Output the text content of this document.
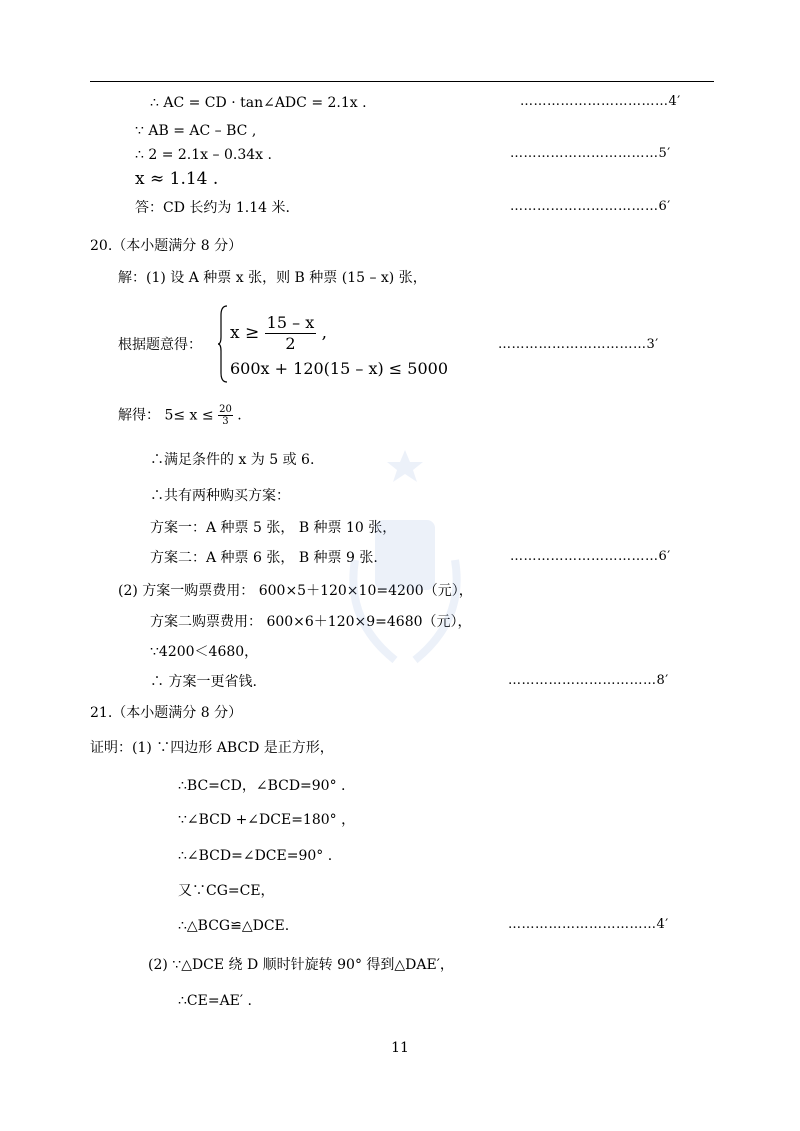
∴ AC = CD · tan∠ADC = 2.1x .	……………………………4′
∵ AB = AC – BC ,
∴ 2 = 2.1x – 0.34x .	……………………………5′
x ≈ 1.14 .
答：CD 长约为 1.14 米.	……………………………6′
20.（本小题满分 8 分）
解：(1) 设 A 种票 x 张，则 B 种票 (15 – x) 张，
根据题意得：
$x \ge \frac{15 - x}{2}$ ,
600x + 120(15 – x) ≤ 5000
……………………………3′
解得： $5\le x \le \frac{20}{3}$ .
∴满足条件的 x 为 5 或 6.
∴共有两种购买方案：
方案一：A 种票 5 张， B 种票 10 张，
方案二：A 种票 6 张， B 种票 9 张.	……………………………6′
(2) 方案一购票费用： 600×5＋120×10=4200（元），
方案二购票费用： 600×6＋120×9=4680（元），
∵4200＜4680，
∴ 方案一更省钱.	……………………………8′
21.（本小题满分 8 分）
证明：(1) ∵四边形 ABCD 是正方形，
∴BC=CD，∠BCD=90° .
∵∠BCD +∠DCE=180° ，
∴∠BCD=∠DCE=90° .
又∵CG=CE，
∴△BCG≌△DCE.	……………………………4′
(2) ∵△DCE 绕 D 顺时针旋转 90° 得到△DAE′，
∴CE=AE′ .
11
